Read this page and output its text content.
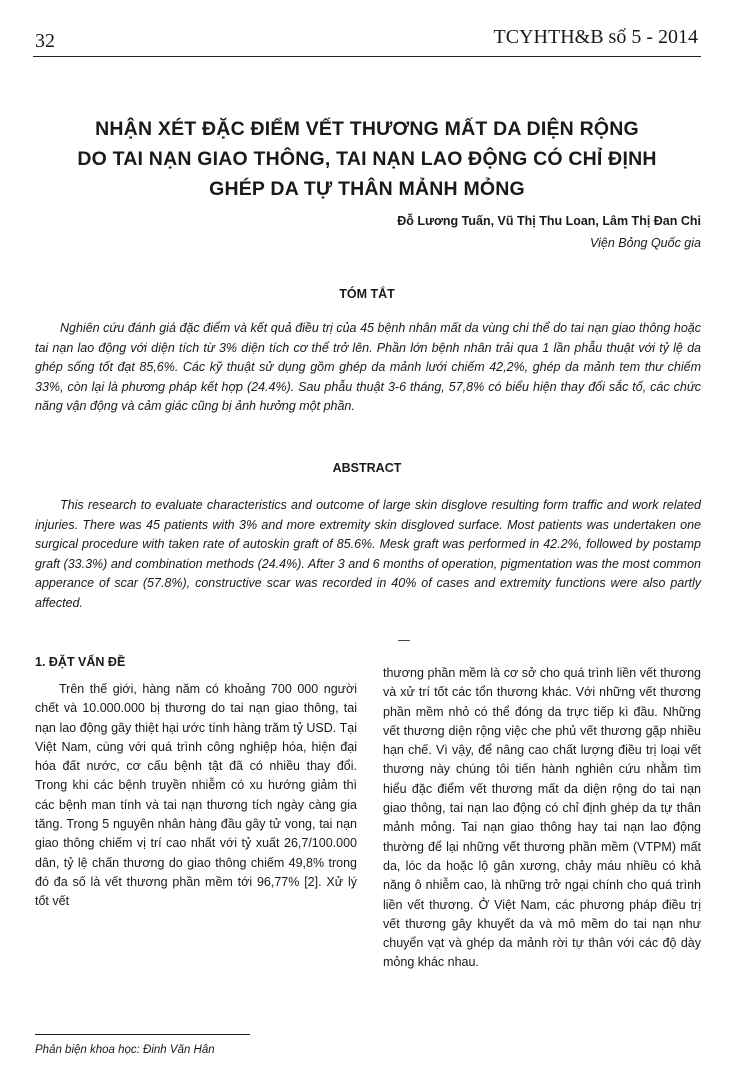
32	TCYHTH&B số 5 - 2014
NHẬN XÉT ĐẶC ĐIỂM VẾT THƯƠNG MẤT DA DIỆN RỘNG
DO TAI NẠN GIAO THÔNG, TAI NẠN LAO ĐỘNG CÓ CHỈ ĐỊNH
GHÉP DA TỰ THÂN MẢNH MỎNG
Đỗ Lương Tuấn, Vũ Thị Thu Loan, Lâm Thị Đan Chi
Viện Bỏng Quốc gia
TÓM TẮT

Nghiên cứu đánh giá đặc điểm và kết quả điều trị của 45 bệnh nhân mất da vùng chi thể do tai nạn giao thông hoặc tai nạn lao động với diện tích từ 3% diện tích cơ thể trở lên. Phần lớn bệnh nhân trải qua 1 lần phẫu thuật với tỷ lệ da ghép sống tốt đạt 85,6%. Các kỹ thuật sử dụng gồm ghép da mảnh lưới chiếm 42,2%, ghép da mảnh tem thư chiếm 33%, còn lại là phương pháp kết hợp (24.4%). Sau phẫu thuật 3-6 tháng, 57,8% có biểu hiện thay đổi sắc tố, các chức năng vận động và cảm giác cũng bị ảnh hưởng một phần.

ABSTRACT

This research to evaluate characteristics and outcome of large skin disglove resulting form traffic and work related injuries. There was 45 patients with 3% and more extremity skin disgloved surface. Most patients was undertaken one surgical procedure with taken rate of autoskin graft of 85.6%. Mesk graft was performed in 42.2%, followed by postamp graft (33.3%) and combination methods (24.4%). After 3 and 6 months of operation, pigmentation was the most common apperance of scar (57.8%), constructive scar was recorded in 40% of cases and extremity functions were also partly affected.

1. ĐẶT VẤN ĐỀ

Trên thế giới, hàng năm có khoảng 700 000 người chết và 10.000.000 bị thương do tai nạn giao thông, tai nạn lao động gây thiệt hại ước tính hàng trăm tỷ USD. Tại Việt Nam, cùng với quá trình công nghiệp hóa, hiện đại hóa đất nước, cơ cấu bệnh tật đã có nhiều thay đổi. Trong khi các bệnh truyền nhiễm có xu hướng giảm thì các bệnh man tính và tai nạn thương tích ngày càng gia tăng. Trong 5 nguyên nhân hàng đầu gây tử vong, tai nạn giao thông chiếm vị trí cao nhất với tỷ xuất 26,7/100.000 dân, tỷ lệ chấn thương do giao thông chiếm 49,8% trong đó đa số là vết thương phần mềm tới 96,77% [2]. Xử lý tốt vết

thương phần mềm là cơ sở cho quá trình liền vết thương và xử trí tốt các tổn thương khác. Với những vết thương phần mềm nhỏ có thể đóng da trực tiếp kì đầu. Những vết thương diện rộng việc che phủ vết thương gặp nhiều hạn chế. Vì vậy, để nâng cao chất lượng điều trị loại vết thương này chúng tôi tiến hành nghiên cứu nhằm tìm hiểu đặc điểm vết thương mất da diện rộng do tai nạn giao thông, tai nạn lao động có chỉ định ghép da tự thân mảnh mỏng. Tai nạn giao thông hay tai nạn lao động thường để lại những vết thương phần mềm (VTPM) mất da, lóc da hoặc lộ gân xương, chảy máu nhiều có khả năng ô nhiễm cao, là những trở ngại chính cho quá trình liền vết thương. Ở Việt Nam, các phương pháp điều trị vết thương gây khuyết da và mô mềm do tai nạn như chuyển vạt và ghép da mảnh rời tự thân với các độ dày mỏng khác nhau.

Phản biện khoa học: Đinh Văn Hân
